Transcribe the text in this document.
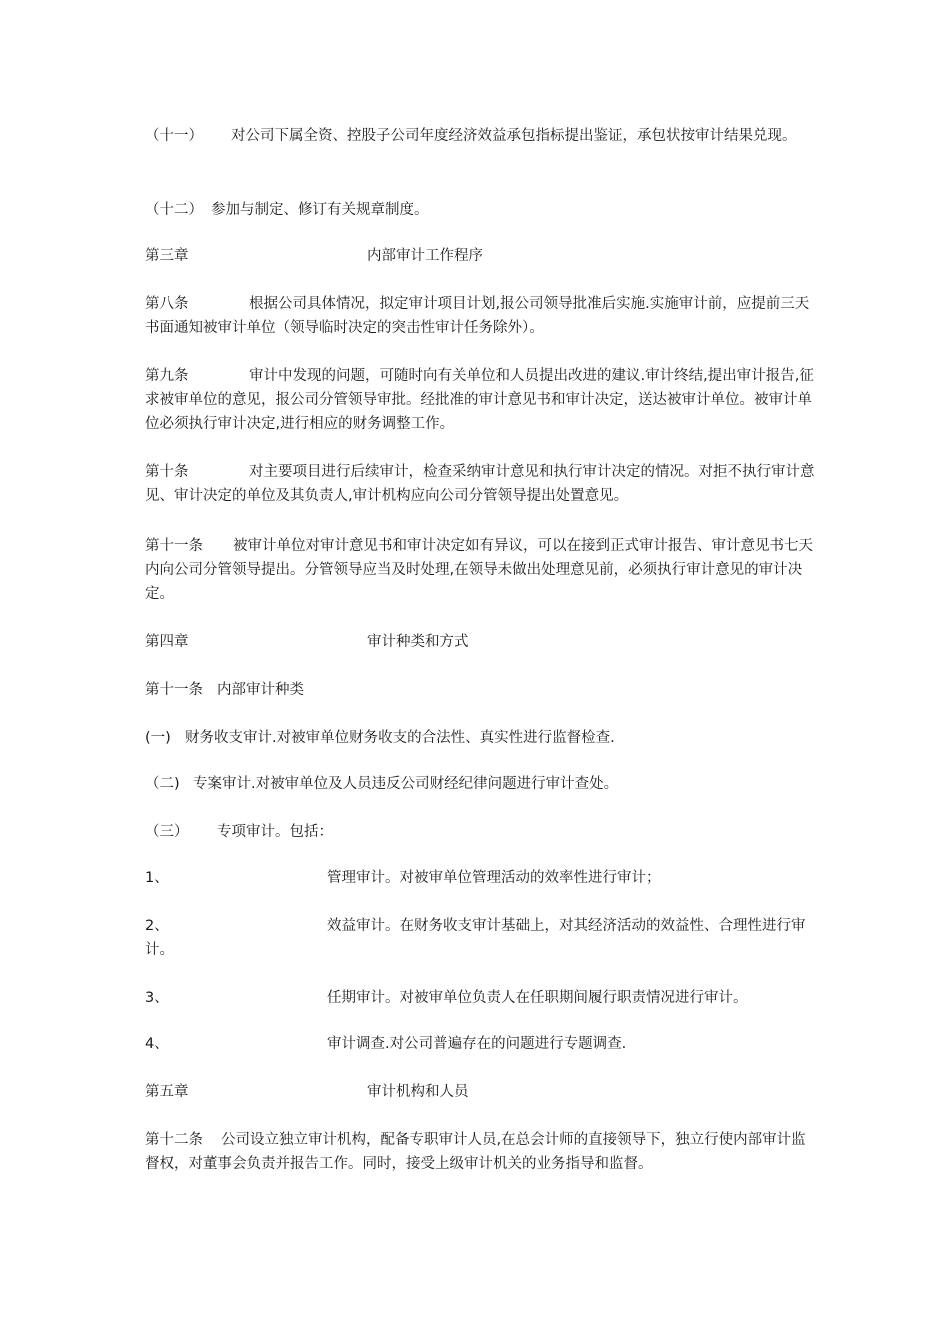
（十一） 对公司下属全资、控股子公司年度经济效益承包指标提出鉴证，承包状按审计结果兑现。

（十二） 参加与制定、修订有关规章制度。

第三章	内部审计工作程序

第八条	根据公司具体情况，拟定审计项目计划,报公司领导批准后实施.实施审计前，应提前三天书面通知被审计单位（领导临时决定的突击性审计任务除外）。

第九条	审计中发现的问题，可随时向有关单位和人员提出改进的建议.审计终结,提出审计报告,征求被审单位的意见，报公司分管领导审批。经批准的审计意见书和审计决定，送达被审计单位。被审计单位必须执行审计决定,进行相应的财务调整工作。

第十条	对主要项目进行后续审计，检查采纳审计意见和执行审计决定的情况。对拒不执行审计意见、审计决定的单位及其负责人,审计机构应向公司分管领导提出处置意见。

第十一条 被审计单位对审计意见书和审计决定如有异议，可以在接到正式审计报告、审计意见书七天内向公司分管领导提出。分管领导应当及时处理,在领导未做出处理意见前，必须执行审计意见的审计决定。

第四章	审计种类和方式

第十一条 内部审计种类

(一) 财务收支审计.对被审单位财务收支的合法性、真实性进行监督检查.

（二) 专案审计.对被审单位及人员违反公司财经纪律问题进行审计查处。

（三） 专项审计。包括：

1、	管理审计。对被审单位管理活动的效率性进行审计；

2、	效益审计。在财务收支审计基础上，对其经济活动的效益性、合理性进行审计。

3、	任期审计。对被审单位负责人在任职期间履行职责情况进行审计。

4、	审计调查.对公司普遍存在的问题进行专题调查.

第五章	审计机构和人员

第十二条 公司设立独立审计机构，配备专职审计人员,在总会计师的直接领导下，独立行使内部审计监督权，对董事会负责并报告工作。同时，接受上级审计机关的业务指导和监督。
